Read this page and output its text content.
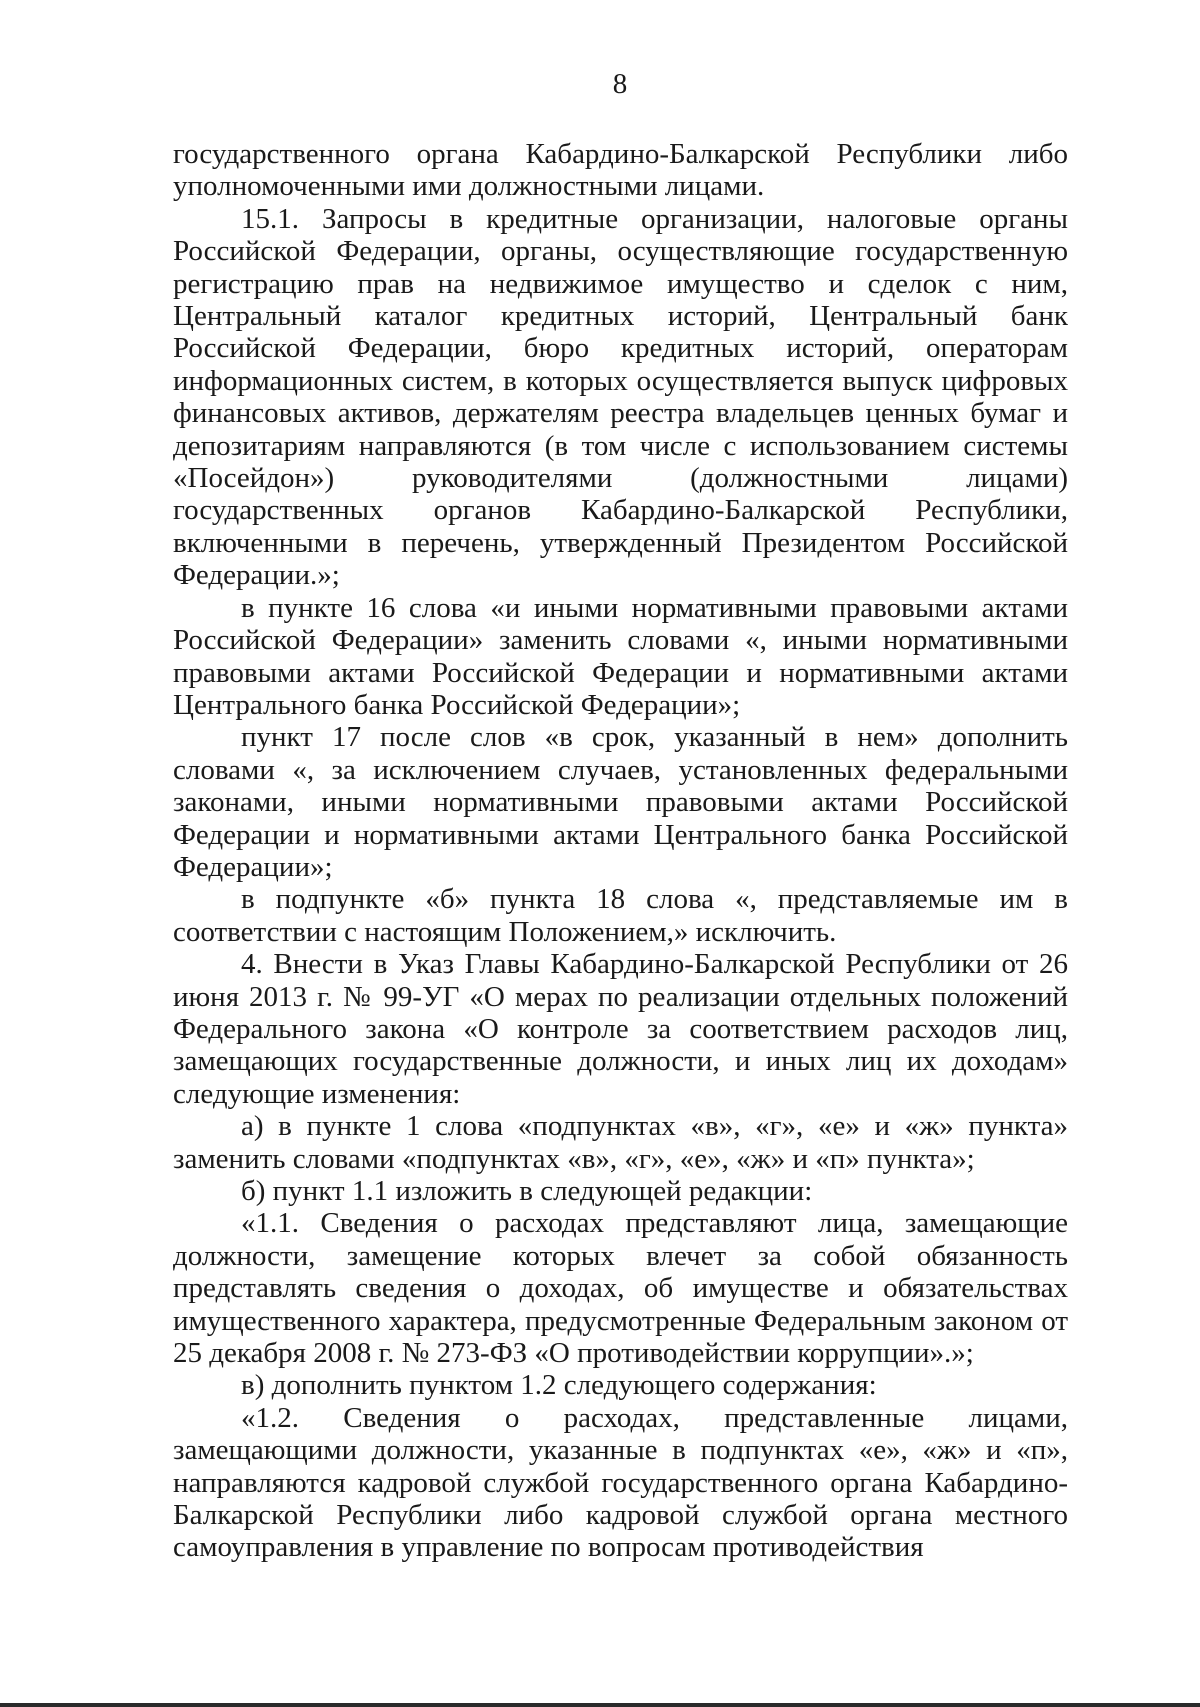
8

государственного органа Кабардино-Балкарской Республики либо уполномоченными ими должностными лицами.

15.1. Запросы в кредитные организации, налоговые органы Российской Федерации, органы, осуществляющие государственную регистрацию прав на недвижимое имущество и сделок с ним, Центральный каталог кредитных историй, Центральный банк Российской Федерации, бюро кредитных историй, операторам информационных систем, в которых осуществляется выпуск цифровых финансовых активов, держателям реестра владельцев ценных бумаг и депозитариям направляются (в том числе с использованием системы «Посейдон») руководителями (должностными лицами) государственных органов Кабардино-Балкарской Республики, включенными в перечень, утвержденный Президентом Российской Федерации.»;

в пункте 16 слова «и иными нормативными правовыми актами Российской Федерации» заменить словами «, иными нормативными правовыми актами Российской Федерации и нормативными актами Центрального банка Российской Федерации»;

пункт 17 после слов «в срок, указанный в нем» дополнить словами «, за исключением случаев, установленных федеральными законами, иными нормативными правовыми актами Российской Федерации и нормативными актами Центрального банка Российской Федерации»;

в подпункте «б» пункта 18 слова «, представляемые им в соответствии с настоящим Положением,» исключить.

4. Внести в Указ Главы Кабардино-Балкарской Республики от 26 июня 2013 г. № 99-УГ «О мерах по реализации отдельных положений Федерального закона «О контроле за соответствием расходов лиц, замещающих государственные должности, и иных лиц их доходам» следующие изменения:

а) в пункте 1 слова «подпунктах «в», «г», «е» и «ж» пункта» заменить словами «подпунктах «в», «г», «е», «ж» и «п» пункта»;

б) пункт 1.1 изложить в следующей редакции:

«1.1. Сведения о расходах представляют лица, замещающие должности, замещение которых влечет за собой обязанность представлять сведения о доходах, об имуществе и обязательствах имущественного характера, предусмотренные Федеральным законом от 25 декабря 2008 г. № 273-ФЗ «О противодействии коррупции».»;

в) дополнить пунктом 1.2 следующего содержания:

«1.2. Сведения о расходах, представленные лицами, замещающими должности, указанные в подпунктах «е», «ж» и «п», направляются кадровой службой государственного органа Кабардино-Балкарской Республики либо кадровой службой органа местного самоуправления в управление по вопросам противодействия
